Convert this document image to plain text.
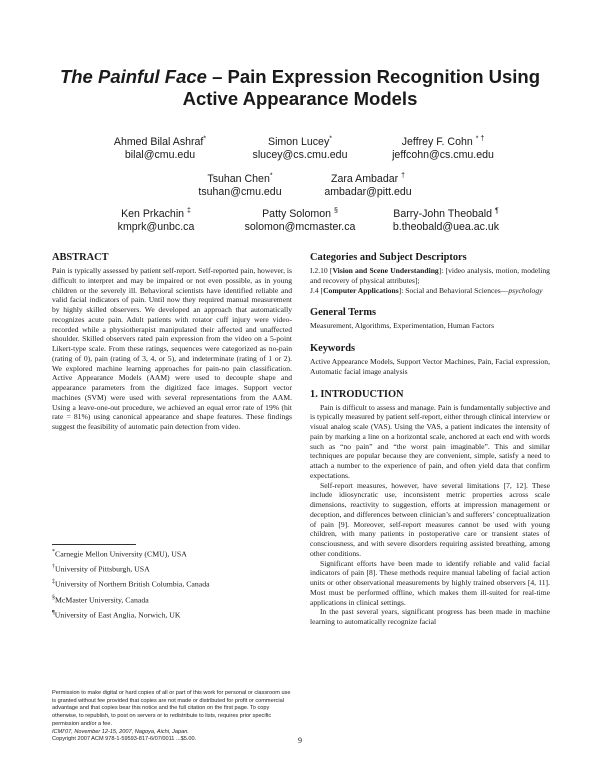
The Painful Face – Pain Expression Recognition Using
Active Appearance Models
Ahmed Bilal Ashraf*
bilal@cmu.edu
Simon Lucey*
slucey@cs.cmu.edu
Jeffrey F. Cohn * †
jeffcohn@cs.cmu.edu
Tsuhan Chen*
tsuhan@cmu.edu
Zara Ambadar †
ambadar@pitt.edu
Ken Prkachin ‡
kmprk@unbc.ca
Patty Solomon §
solomon@mcmaster.ca
Barry-John Theobald ¶
b.theobald@uea.ac.uk
ABSTRACT

Pain is typically assessed by patient self-report. Self-reported pain, however, is difficult to interpret and may be impaired or not even possible, as in young children or the severely ill. Behavioral scientists have identified reliable and valid facial indicators of pain. Until now they required manual measurement by highly skilled observers. We developed an approach that automatically recognizes acute pain. Adult patients with rotator cuff injury were video-recorded while a physiotherapist manipulated their affected and unaffected shoulder. Skilled observers rated pain expression from the video on a 5-point Likert-type scale. From these ratings, sequences were categorized as no-pain (rating of 0), pain (rating of 3, 4, or 5), and indeterminate (rating of 1 or 2). We explored machine learning approaches for pain-no pain classification. Active Appearance Models (AAM) were used to decouple shape and appearance parameters from the digitized face images. Support vector machines (SVM) were used with several representations from the AAM. Using a leave-one-out procedure, we achieved an equal error rate of 19% (hit rate = 81%) using canonical appearance and shape features. These findings suggest the feasibility of automatic pain detection from video.

*Carnegie Mellon University (CMU), USA
†University of Pittsburgh, USA
‡University of Northern British Columbia, Canada
§McMaster University, Canada
¶University of East Anglia, Norwich, UK
Permission to make digital or hard copies of all or part of this work for personal or classroom use is granted without fee provided that copies are not made or distributed for profit or commercial advantage and that copies bear this notice and the full citation on the first page. To copy otherwise, to republish, to post on servers or to redistribute to lists, requires prior specific permission and/or a fee.
ICMI’07, November 12-15, 2007, Nagoya, Aichi, Japan.
Copyright 2007 ACM 978-1-59593-817-6/07/0011 ...$5.00.
Categories and Subject Descriptors

I.2.10 [Vision and Scene Understanding]: [video analysis, motion, modeling and recovery of physical attributes];

J.4 [Computer Applications]: Social and Behavioral Sciences—psychology

General Terms

Measurement, Algorithms, Experimentation, Human Factors

Keywords

Active Appearance Models, Support Vector Machines, Pain, Facial expression, Automatic facial image analysis

1. INTRODUCTION

Pain is difficult to assess and manage. Pain is fundamentally subjective and is typically measured by patient self-report, either through clinical interview or visual analog scale (VAS). Using the VAS, a patient indicates the intensity of pain by marking a line on a horizontal scale, anchored at each end with words such as “no pain” and “the worst pain imaginable”. This and similar techniques are popular because they are convenient, simple, satisfy a need to attach a number to the experience of pain, and often yield data that confirm expectations.

Self-report measures, however, have several limitations [7, 12]. These include idiosyncratic use, inconsistent metric properties across scale dimensions, reactivity to suggestion, efforts at impression management or deception, and differences between clinician’s and sufferers’ conceptualization of pain [9]. Moreover, self-report measures cannot be used with young children, with many patients in postoperative care or transient states of consciousness, and with severe disorders requiring assisted breathing, among other conditions.

Significant efforts have been made to identify reliable and valid facial indicators of pain [8]. These methods require manual labeling of facial action units or other observational measurements by highly trained observers [4, 11]. Most must be performed offline, which makes them ill-suited for real-time applications in clinical settings.

In the past several years, significant progress has been made in machine learning to automatically recognize facial

9
